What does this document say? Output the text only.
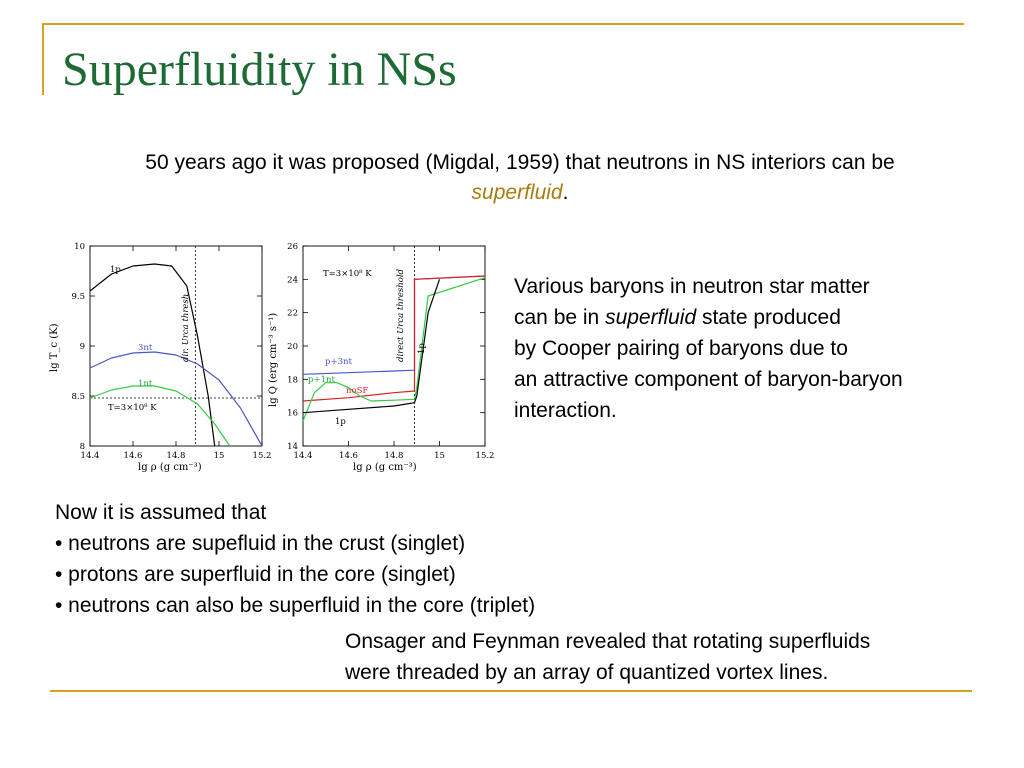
Superfluidity in NSs
50 years ago it was proposed (Migdal, 1959) that neutrons in NS interiors can be
superfluid.
14.4	14.6	14.8	15	15.2
8
8.5
9
9.5
10
lg ρ (g cm⁻³)
lg T_c (K)	dir. Urca thresh
T=3×10⁸ K
1p
3nt
1nt
14.4	14.6	14.8	15	15.2
14
16
18
20
22
24
26
lg ρ (g cm⁻³)
lg Q (erg cm⁻³ s⁻¹)	direct Urca threshold
T=3×10⁸ K
p+3nt
p+1nt
noSF
1p
1p
Various baryons in neutron star matter
can be in superfluid state produced
by Cooper pairing of baryons due to
an attractive component of baryon-baryon
interaction.
Now it is assumed that
• neutrons are supefluid in the crust (singlet)
• protons are superfluid in the core (singlet)
• neutrons can also be superfluid in the core (triplet)
Onsager and Feynman revealed that rotating superfluids
were threaded by an array of quantized vortex lines.
